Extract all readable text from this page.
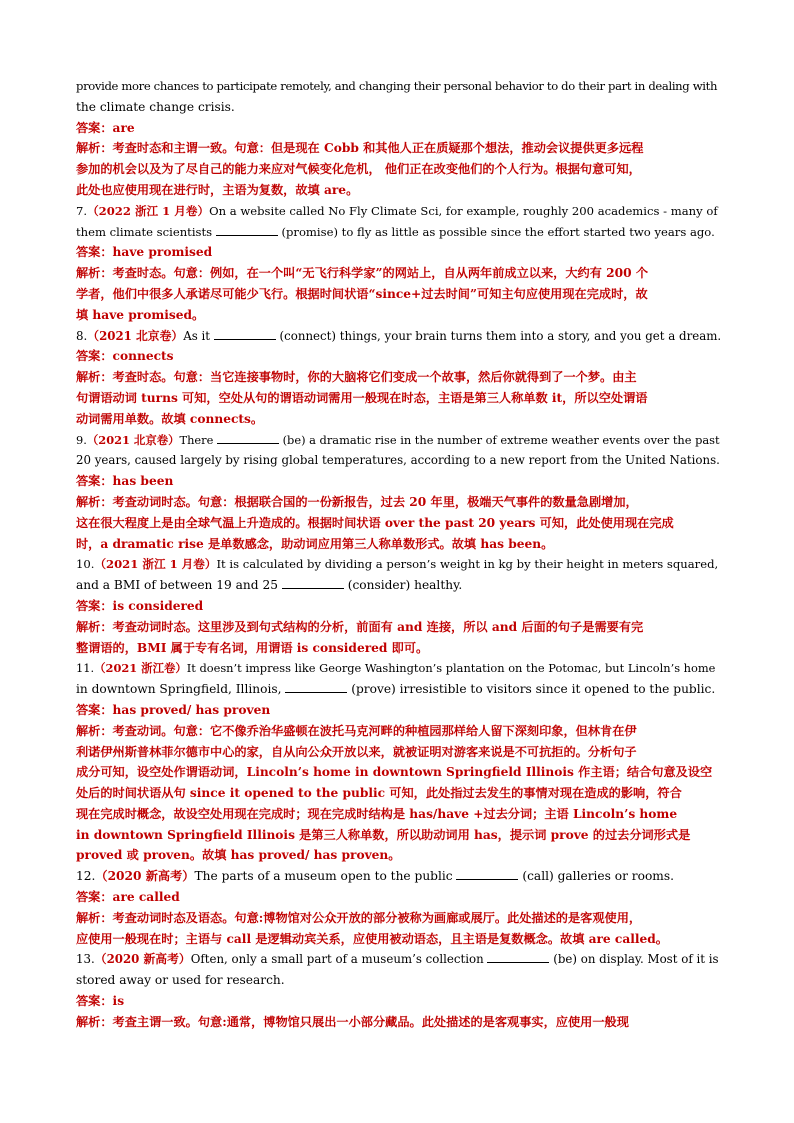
provide more chances to participate remotely, and changing their personal behavior to do their part in dealing with
the climate change crisis.
答案：are
解析：考查时态和主谓一致。句意：但是现在 Cobb 和其他人正在质疑那个想法，推动会议提供更多远程
参加的机会以及为了尽自己的能力来应对气候变化危机， 他们正在改变他们的个人行为。根据句意可知，
此处也应使用现在进行时，主语为复数，故填 are。
7.（2022 浙江 1 月卷）On a website called No Fly Climate Sci, for example, roughly 200 academics - many of
them climate scientists	(promise) to fly as little as possible since the effort started two years ago.
答案：have promised
解析：考查时态。句意：例如，在一个叫“无飞行科学家”的网站上，自从两年前成立以来，大约有 200 个
学者，他们中很多人承诺尽可能少飞行。根据时间状语“since+过去时间”可知主句应使用现在完成时，故
填 have promised。
8.（2021 北京卷）As it	(connect) things, your brain turns them into a story, and you get a dream.
答案：connects
解析：考查时态。句意：当它连接事物时，你的大脑将它们变成一个故事，然后你就得到了一个梦。由主
句谓语动词 turns 可知，空处从句的谓语动词需用一般现在时态，主语是第三人称单数 it，所以空处谓语
动词需用单数。故填 connects。
9.（2021 北京卷）There	(be) a dramatic rise in the number of extreme weather events over the past
20 years, caused largely by rising global temperatures, according to a new report from the United Nations.
答案：has been
解析：考查动词时态。句意：根据联合国的一份新报告，过去 20 年里，极端天气事件的数量急剧增加，
这在很大程度上是由全球气温上升造成的。根据时间状语 over the past 20 years 可知，此处使用现在完成
时，a dramatic rise 是单数感念，助动词应用第三人称单数形式。故填 has been。
10.（2021 浙江 1 月卷）It is calculated by dividing a person’s weight in kg by their height in meters squared,
and a BMI of between 19 and 25	(consider) healthy.
答案：is considered
解析：考查动词时态。这里涉及到句式结构的分析，前面有 and 连接，所以 and 后面的句子是需要有完
整谓语的，BMI 属于专有名词，用谓语 is considered 即可。
11.（2021 浙江卷）It doesn’t impress like George Washington’s plantation on the Potomac, but Lincoln’s home
in downtown Springfield, Illinois,	(prove) irresistible to visitors since it opened to the public.
答案：has proved/ has proven
解析：考查动词。句意：它不像乔治华盛顿在波托马克河畔的种植园那样给人留下深刻印象，但林肯在伊
利诺伊州斯普林菲尔德市中心的家，自从向公众开放以来，就被证明对游客来说是不可抗拒的。分析句子
成分可知，设空处作谓语动词，Lincoln’s home in downtown Springfield Illinois 作主语；结合句意及设空
处后的时间状语从句 since it opened to the public 可知，此处指过去发生的事情对现在造成的影响，符合
现在完成时概念，故设空处用现在完成时；现在完成时结构是 has/have +过去分词；主语 Lincoln’s home
in downtown Springfield Illinois 是第三人称单数，所以助动词用 has，提示词 prove 的过去分词形式是
proved 或 proven。故填 has proved/ has proven。
12.（2020 新高考）The parts of a museum open to the public	(call) galleries or rooms.
答案：are called
解析：考查动词时态及语态。句意:博物馆对公众开放的部分被称为画廊或展厅。此处描述的是客观使用，
应使用一般现在时；主语与 call 是逻辑动宾关系，应使用被动语态，且主语是复数概念。故填 are called。
13.（2020 新高考）Often, only a small part of a museum’s collection	(be) on display. Most of it is
stored away or used for research.
答案：is
解析：考查主谓一致。句意:通常，博物馆只展出一小部分藏品。此处描述的是客观事实，应使用一般现
